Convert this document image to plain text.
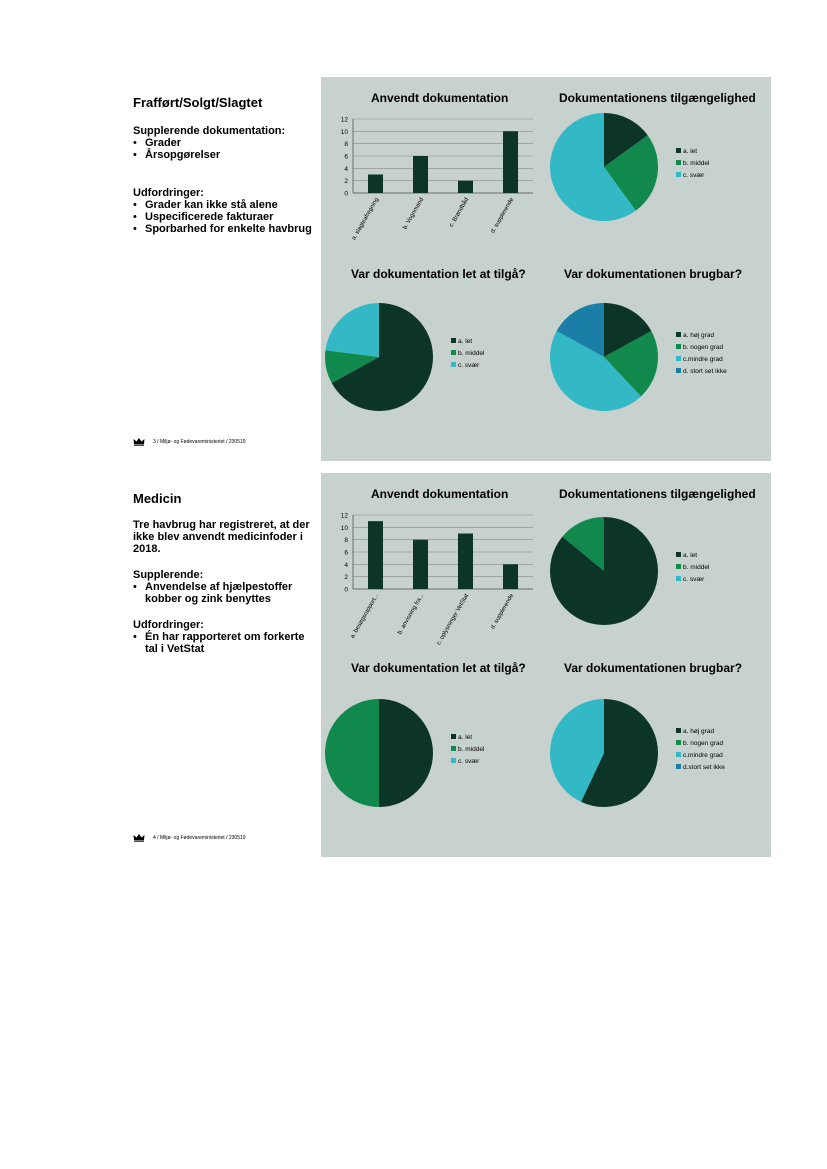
Frafført/Solgt/Slagtet
Supplerende dokumentation:
• Grader
• Årsopgørelser
Udfordringer:
• Grader kan ikke stå alene
• Uspecificerede fakturaer
• Sporbarhed for enkelte havbrug
3 / Miljø- og Fødevareministeriet / 230519
Anvendt dokumentation
0
2
4
6
8
10
12
a. slagteafregning	b. Vognmand	c. Brøndbåd	d. supplerende
Dokumentationens tilgængelighed
a. let
b. middel
c. svær
Var dokumentation let at tilgå?
a. let
b. middel
c. svær
Var dokumentationen brugbar?
a. høj grad
b. nogen grad
c.mindre grad
d. stort set ikke
Medicin
Tre havbrug har registreret, at der ikke blev anvendt medicinfoder i 2018.
Supplerende:
• Anvendelse af hjælpestoffer kobber og zink benyttes
Udfordringer:
• Én har rapporteret om forkerte tal i VetStat
4 / Miljø- og Fødevareministeriet / 230519
Anvendt dokumentation
0
2
4
6
8
10
12
a. besøgsrapport...	b. anvisning fra... c. oplysninger VetStat	d. supplerende
Dokumentationens tilgængelighed
a. let
b. middel
c. svær
Var dokumentation let at tilgå?
a. let
b. middel
c. svær
Var dokumentationen brugbar?
a. høj grad
b. nogen grad
c.mindre grad
d.stort set ikke
